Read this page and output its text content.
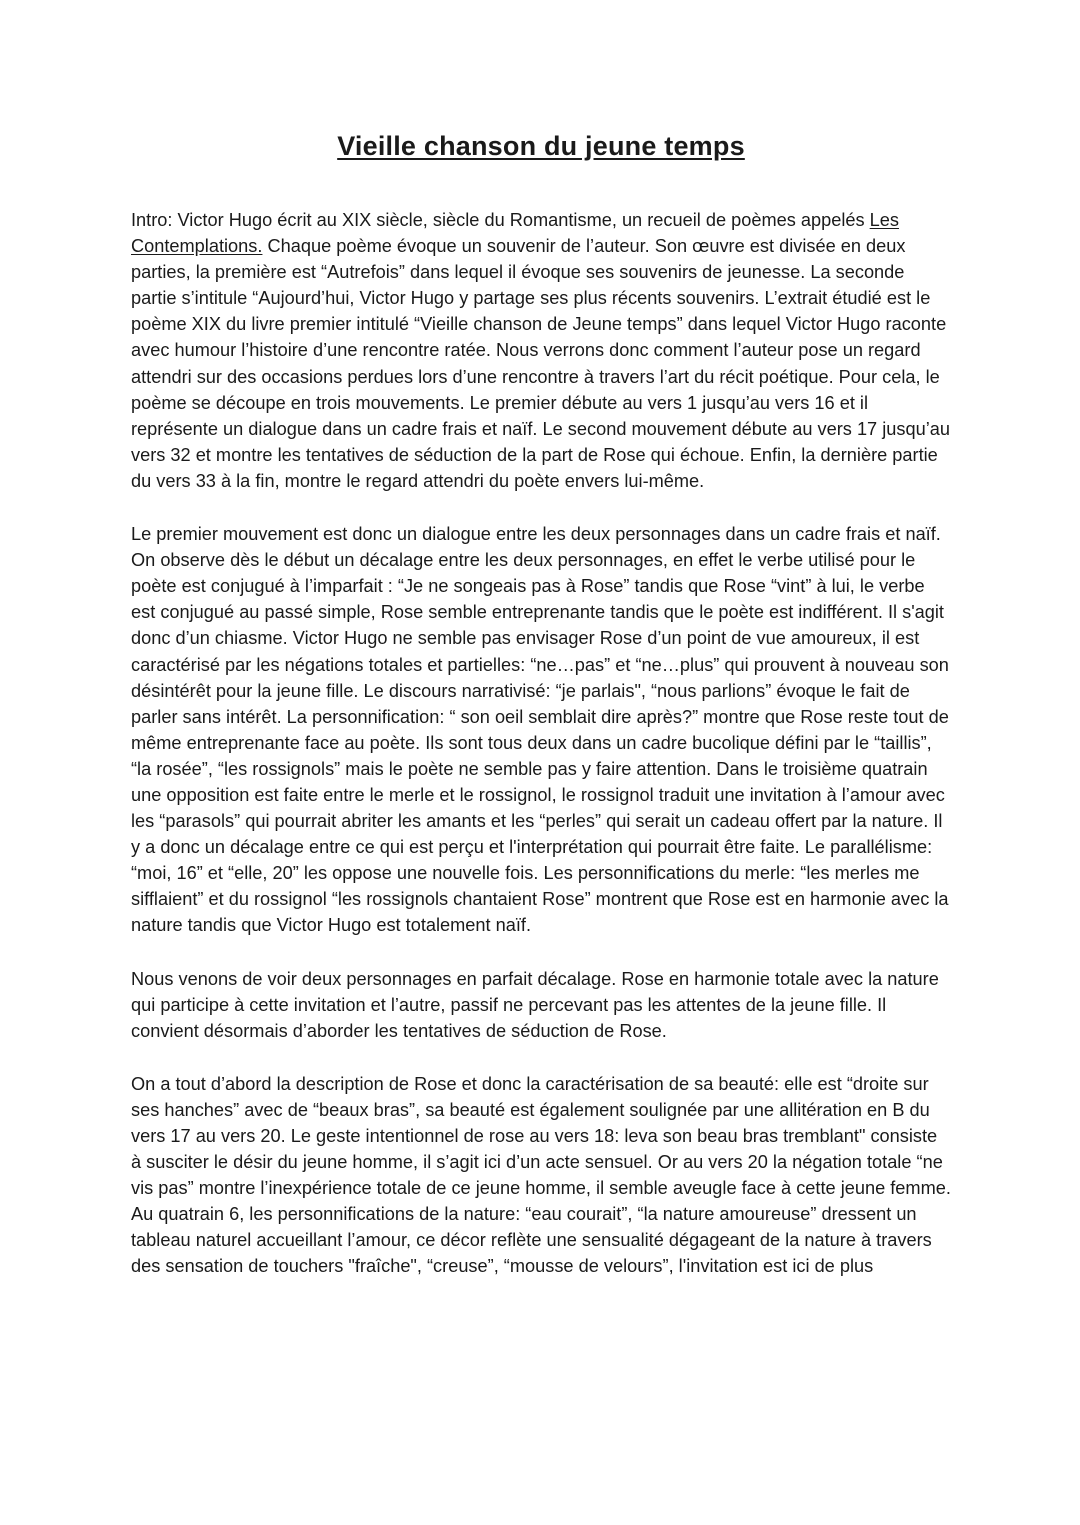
Vieille chanson du jeune temps

Intro: Victor Hugo écrit au XIX siècle, siècle du Romantisme, un recueil de poèmes appelés Les Contemplations. Chaque poème évoque un souvenir de l’auteur. Son œuvre est divisée en deux parties, la première est “Autrefois” dans lequel il évoque ses souvenirs de jeunesse. La seconde partie s’intitule “Aujourd’hui, Victor Hugo y partage ses plus récents souvenirs. L’extrait étudié est le poème XIX du livre premier intitulé “Vieille chanson de Jeune temps” dans lequel Victor Hugo raconte avec humour l’histoire d’une rencontre ratée. Nous verrons donc comment l’auteur pose un regard attendri sur des occasions perdues lors d’une rencontre à travers l’art du récit poétique. Pour cela, le poème se découpe en trois mouvements. Le premier débute au vers 1 jusqu’au vers 16 et il représente un dialogue dans un cadre frais et naïf. Le second mouvement débute au vers 17 jusqu’au vers 32 et montre les tentatives de séduction de la part de Rose qui échoue. Enfin, la dernière partie du vers 33 à la fin, montre le regard attendri du poète envers lui-même.

Le premier mouvement est donc un dialogue entre les deux personnages dans un cadre frais et naïf. On observe dès le début un décalage entre les deux personnages, en effet le verbe utilisé pour le poète est conjugué à l’imparfait : “Je ne songeais pas à Rose” tandis que Rose “vint” à lui, le verbe est conjugué au passé simple, Rose semble entreprenante tandis que le poète est indifférent. Il s'agit donc d’un chiasme. Victor Hugo ne semble pas envisager Rose d’un point de vue amoureux, il est caractérisé par les négations totales et partielles: “ne…pas” et “ne…plus” qui prouvent à nouveau son désintérêt pour la jeune fille. Le discours narrativisé: “je parlais", “nous parlions” évoque le fait de parler sans intérêt. La personnification: “ son oeil semblait dire après?” montre que Rose reste tout de même entreprenante face au poète. Ils sont tous deux dans un cadre bucolique défini par le “taillis”, “la rosée”, “les rossignols” mais le poète ne semble pas y faire attention. Dans le troisième quatrain une opposition est faite entre le merle et le rossignol, le rossignol traduit une invitation à l’amour avec les “parasols” qui pourrait abriter les amants et les “perles” qui serait un cadeau offert par la nature. Il y a donc un décalage entre ce qui est perçu et l'interprétation qui pourrait être faite. Le parallélisme: “moi, 16” et “elle, 20” les oppose une nouvelle fois. Les personnifications du merle: “les merles me sifflaient” et du rossignol “les rossignols chantaient Rose” montrent que Rose est en harmonie avec la nature tandis que Victor Hugo est totalement naïf.

Nous venons de voir deux personnages en parfait décalage. Rose en harmonie totale avec la nature qui participe à cette invitation et l’autre, passif ne percevant pas les attentes de la jeune fille. Il convient désormais d’aborder les tentatives de séduction de Rose.

On a tout d’abord la description de Rose et donc la caractérisation de sa beauté: elle est “droite sur ses hanches” avec de “beaux bras”, sa beauté est également soulignée par une allitération en B du vers 17 au vers 20. Le geste intentionnel de rose au vers 18: leva son beau bras tremblant" consiste à susciter le désir du jeune homme, il s’agit ici d’un acte sensuel. Or au vers 20 la négation totale “ne vis pas” montre l’inexpérience totale de ce jeune homme, il semble aveugle face à cette jeune femme. Au quatrain 6, les personnifications de la nature: “eau courait”, “la nature amoureuse” dressent un tableau naturel accueillant l’amour, ce décor reflète une sensualité dégageant de la nature à travers des sensation de touchers "fraîche", “creuse”, “mousse de velours”, l'invitation est ici de plus
